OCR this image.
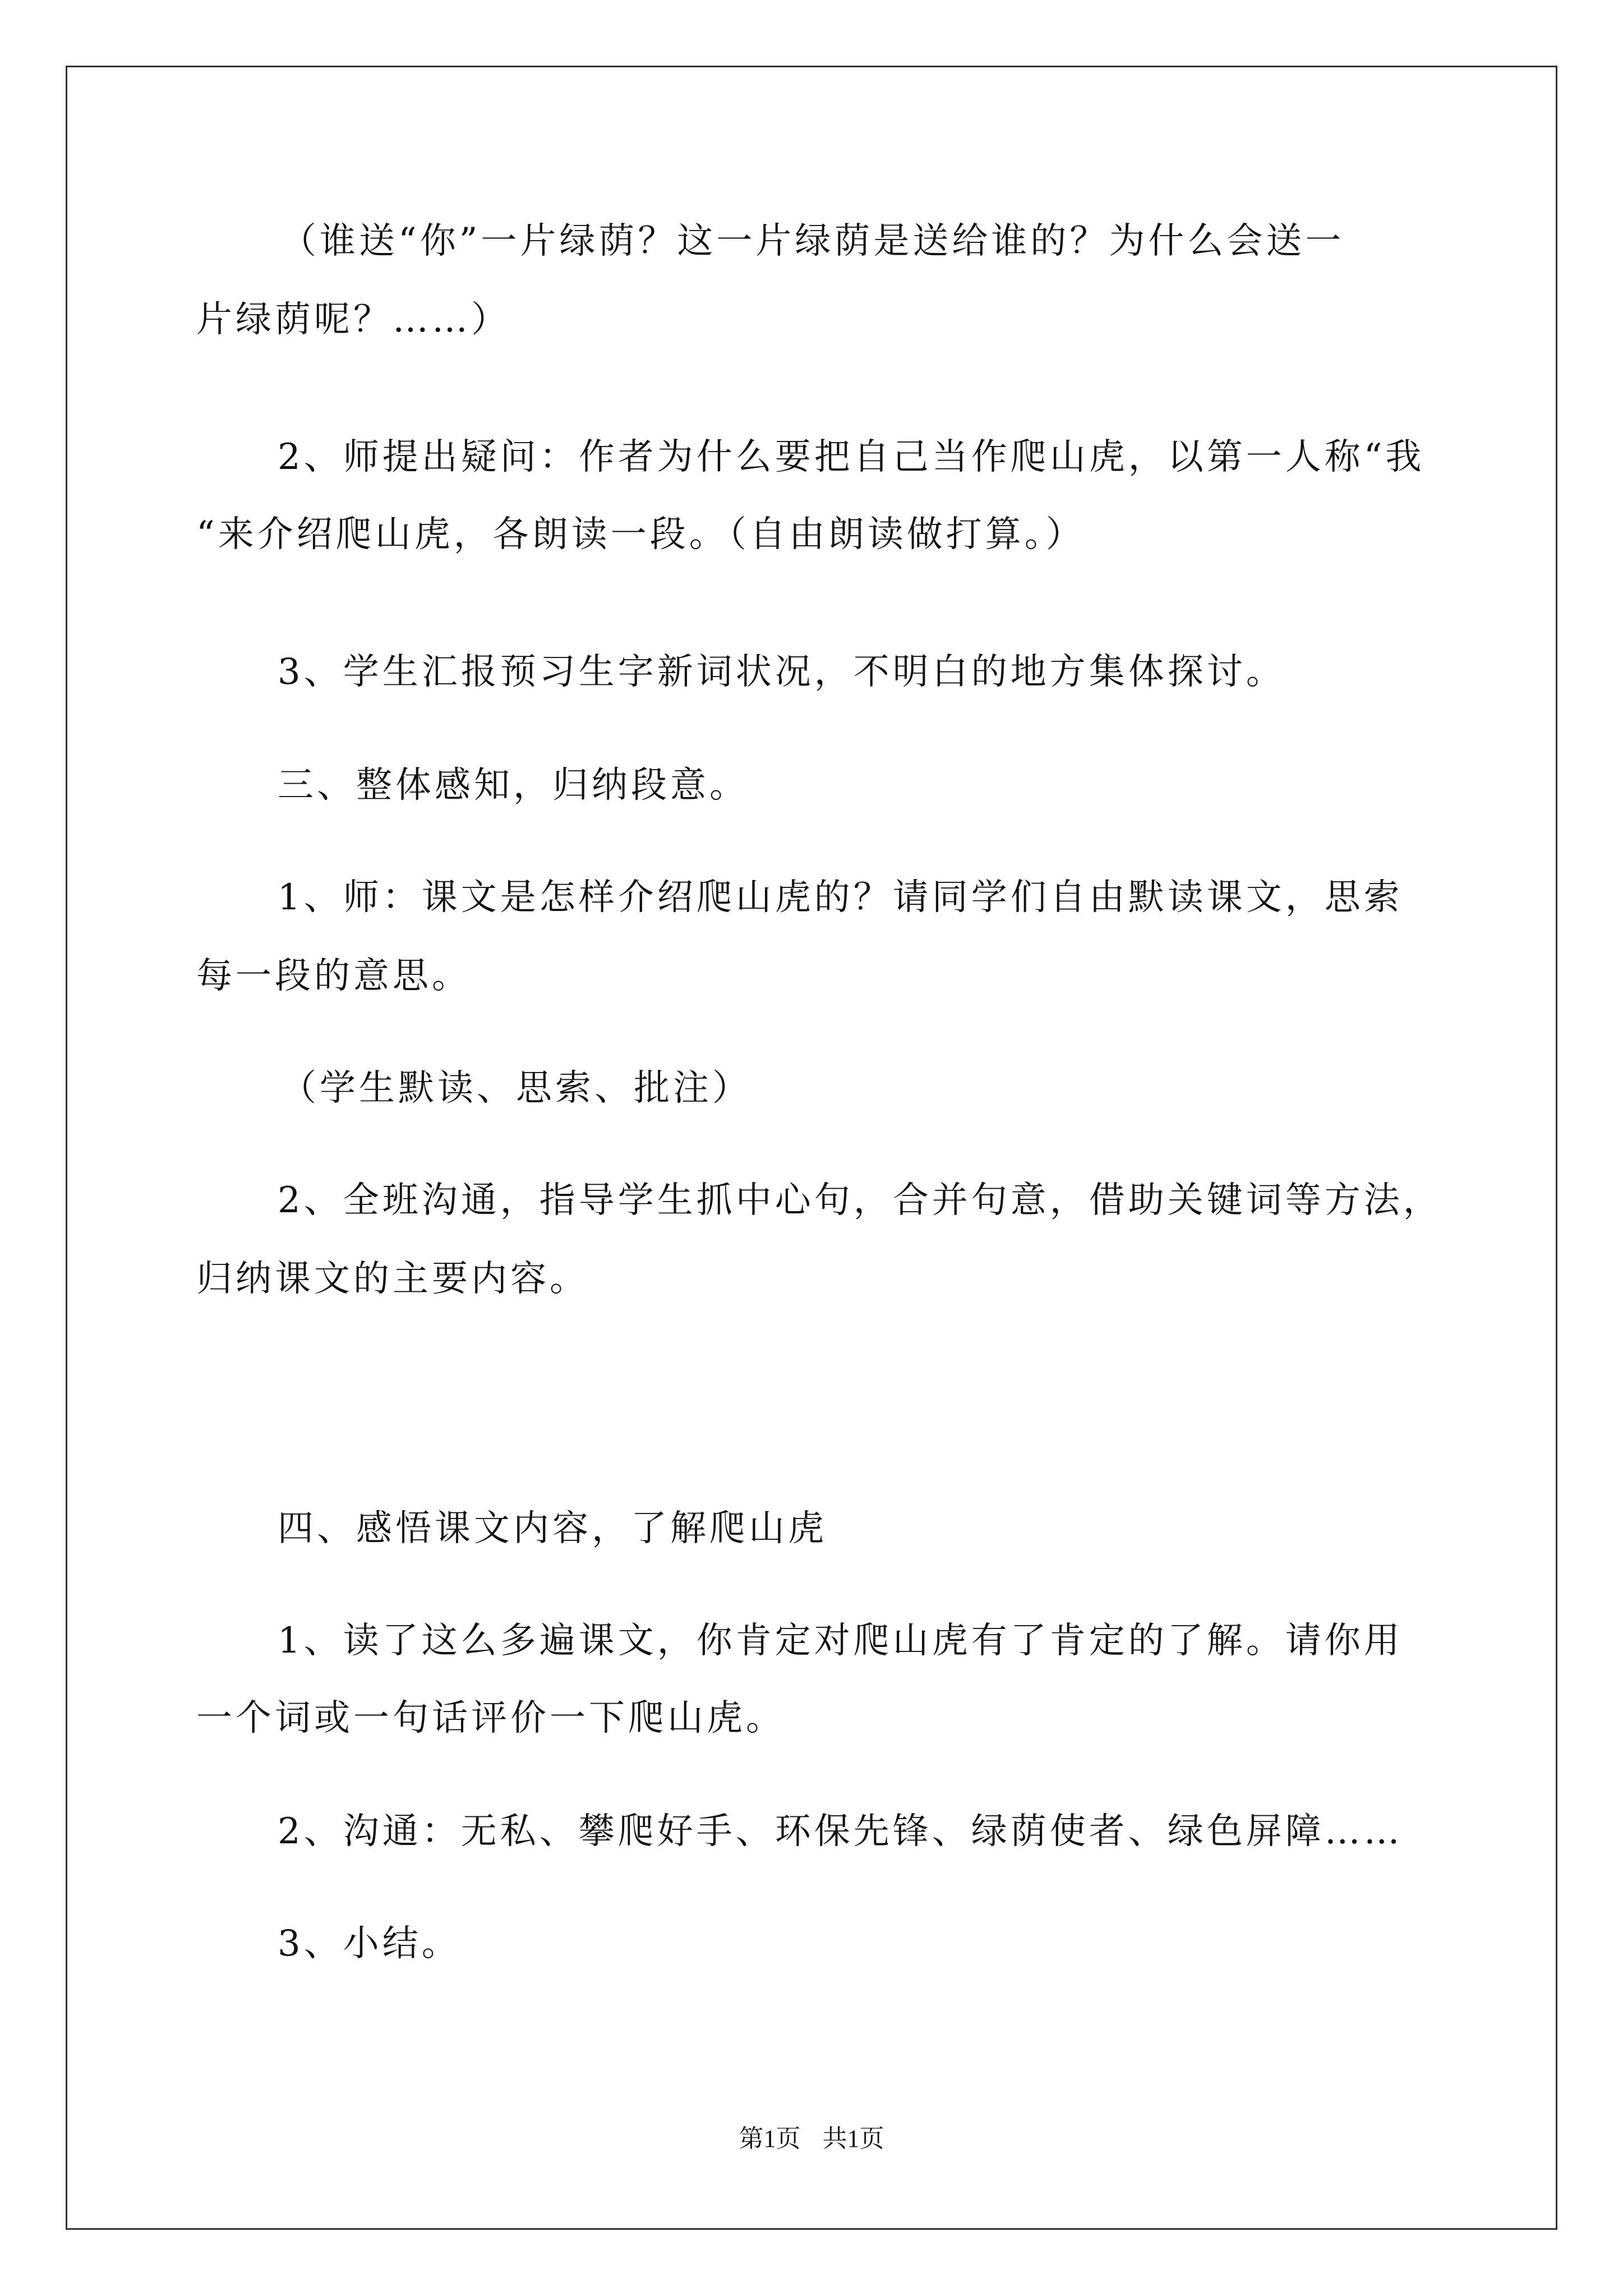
（谁送“你”一片绿荫？这一片绿荫是送给谁的？为什么会送一
片绿荫呢？……）
2、师提出疑问：作者为什么要把自己当作爬山虎，以第一人称“我
“来介绍爬山虎，各朗读一段。（自由朗读做打算。）
3、学生汇报预习生字新词状况，不明白的地方集体探讨。
三、整体感知，归纳段意。
1、师：课文是怎样介绍爬山虎的？请同学们自由默读课文，思索
每一段的意思。
（学生默读、思索、批注）
2、全班沟通，指导学生抓中心句，合并句意，借助关键词等方法，
归纳课文的主要内容。
四、感悟课文内容，了解爬山虎
1、读了这么多遍课文，你肯定对爬山虎有了肯定的了解。请你用
一个词或一句话评价一下爬山虎。
2、沟通：无私、攀爬好手、环保先锋、绿荫使者、绿色屏障……
3、小结。
第1页 共1页
